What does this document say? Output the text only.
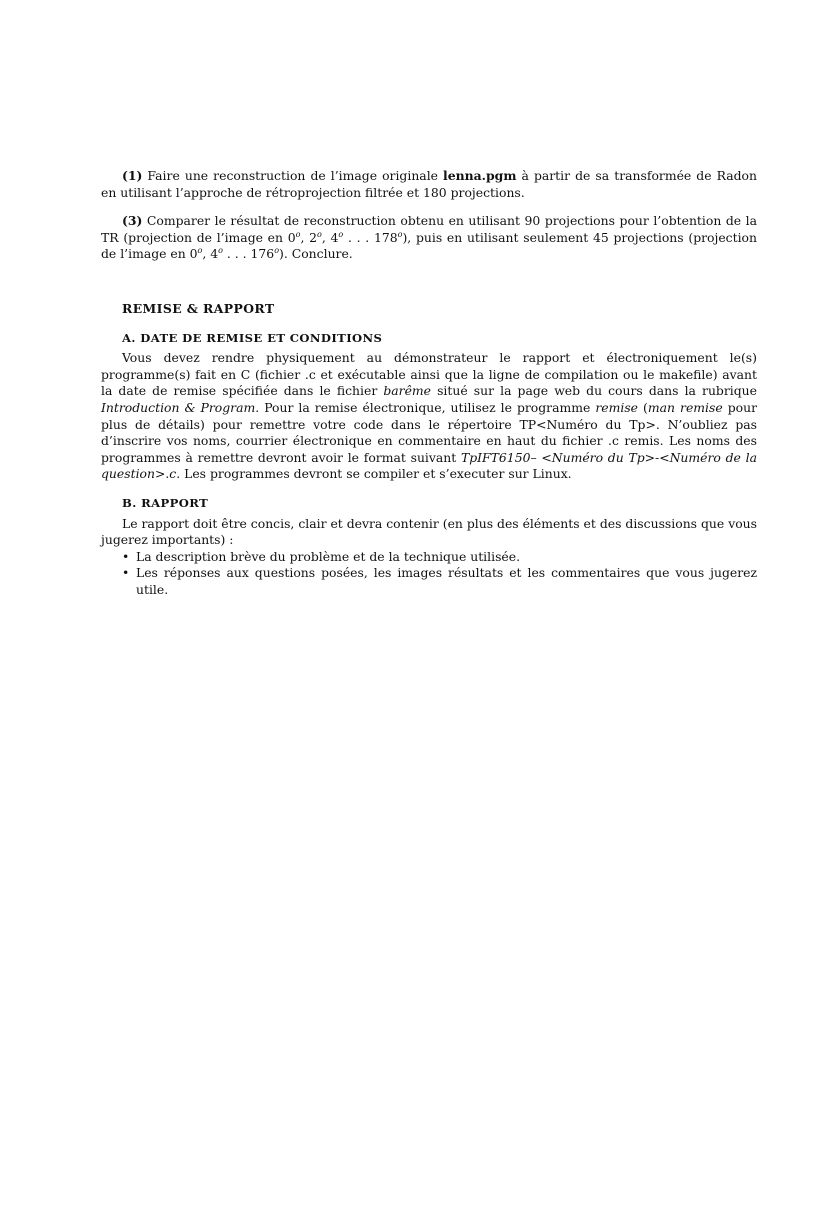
(1) Faire une reconstruction de l’image originale lenna.pgm à partir de sa transformée de Radon en utilisant l’approche de rétroprojection filtrée et 180 projections.

(3) Comparer le résultat de reconstruction obtenu en utilisant 90 projections pour l’obtention de la TR (projection de l’image en 0$^o$, 2$^o$, 4$^o$ . . . 178$^o$), puis en utilisant seulement 45 projections (projection de l’image en 0$^o$, 4$^o$ . . . 176$^o$). Conclure.

REMISE & RAPPORT
A. DATE DE REMISE ET CONDITIONS

Vous devez rendre physiquement au démonstrateur le rapport et électroniquement le(s) programme(s) fait en C (fichier .c et exécutable ainsi que la ligne de compilation ou le makefile) avant la date de remise spécifiée dans le fichier barême situé sur la page web du cours dans la rubrique Introduction & Program. Pour la remise électronique, utilisez le programme remise (man remise pour plus de détails) pour remettre votre code dans le répertoire TP<Numéro du Tp>. N’oubliez pas d’inscrire vos noms, courrier électronique en commentaire en haut du fichier .c remis. Les noms des programmes à remettre devront avoir le format suivant TpIFT6150– <Numéro du Tp>-<Numéro de la question>.c. Les programmes devront se compiler et s’executer sur Linux.

B. RAPPORT

Le rapport doit être concis, clair et devra contenir (en plus des éléments et des discussions que vous jugerez importants) :

• La description brève du problème et de la technique utilisée.
• Les réponses aux questions posées, les images résultats et les commentaires que vous jugerez utile.
